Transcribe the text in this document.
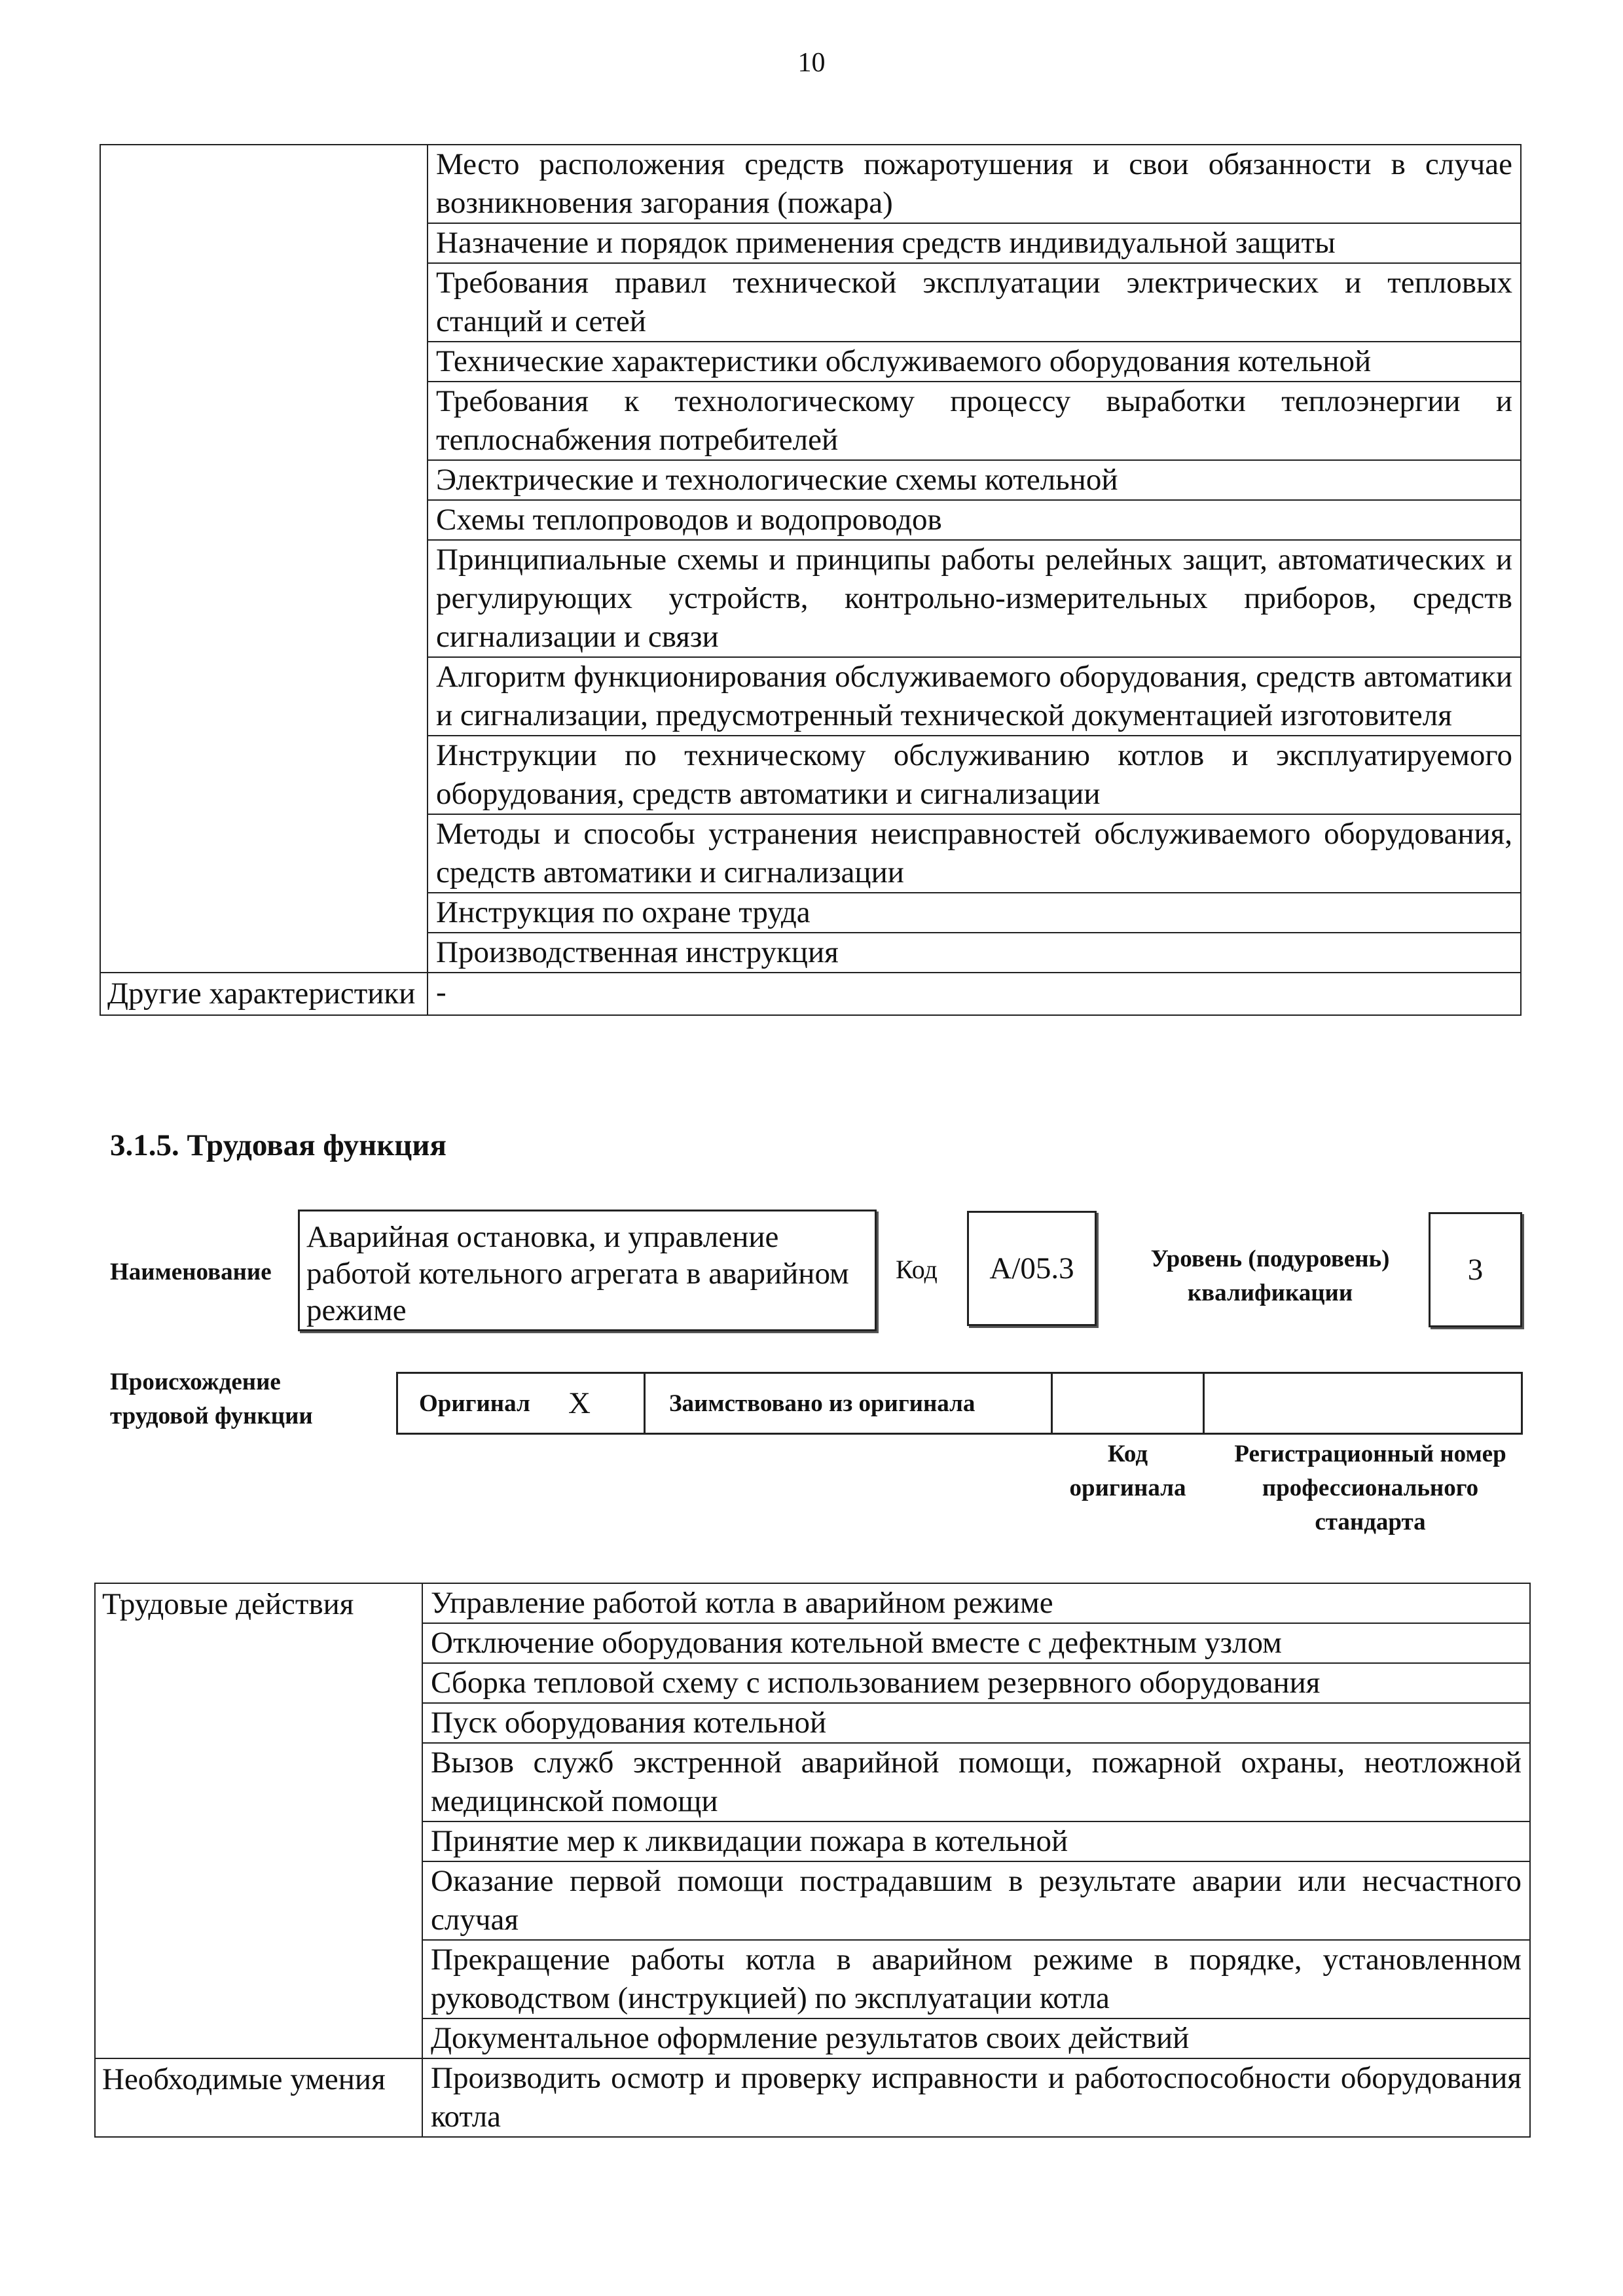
10
	Место расположения средств пожаротушения и свои обязанности в случае возникновения загорания (пожара)
	Назначение и порядок применения средств индивидуальной защиты
	Требования правил технической эксплуатации электрических и тепловых станций и сетей
	Технические характеристики обслуживаемого оборудования котельной
	Требования к технологическому процессу выработки теплоэнергии и теплоснабжения потребителей
	Электрические и технологические схемы котельной
	Схемы теплопроводов и водопроводов
	Принципиальные схемы и принципы работы релейных защит, автоматических и регулирующих устройств, контрольно-измерительных приборов, средств сигнализации и связи
	Алгоритм функционирования обслуживаемого оборудования, средств автоматики и сигнализации, предусмотренный технической документацией изготовителя
	Инструкции по техническому обслуживанию котлов и эксплуатируемого оборудования, средств автоматики и сигнализации
	Методы и способы устранения неисправностей обслуживаемого оборудования, средств автоматики и сигнализации
	Инструкция по охране труда
	Производственная инструкция
Другие характеристики	-
3.1.5. Трудовая функция
Наименование
Аварийная остановка, и управление работой котельного агрегата в аварийном режиме
Код	А/05.3	Уровень (подуровень) квалификации
3
Происхождение трудовой функции	Оригинал X	Заимствовано из оригинала
Код оригинала
Регистрационный номер профессионального стандарта
Трудовые действия	Управление работой котла в аварийном режиме
	Отключение оборудования котельной вместе с дефектным узлом
	Сборка тепловой схему с использованием резервного оборудования
	Пуск оборудования котельной
	Вызов служб экстренной аварийной помощи, пожарной охраны, неотложной медицинской помощи
	Принятие мер к ликвидации пожара в котельной
	Оказание первой помощи пострадавшим в результате аварии или несчастного случая
	Прекращение работы котла в аварийном режиме в порядке, установленном руководством (инструкцией) по эксплуатации котла
	Документальное оформление результатов своих действий
Необходимые умения	Производить осмотр и проверку исправности и работоспособности оборудования котла
